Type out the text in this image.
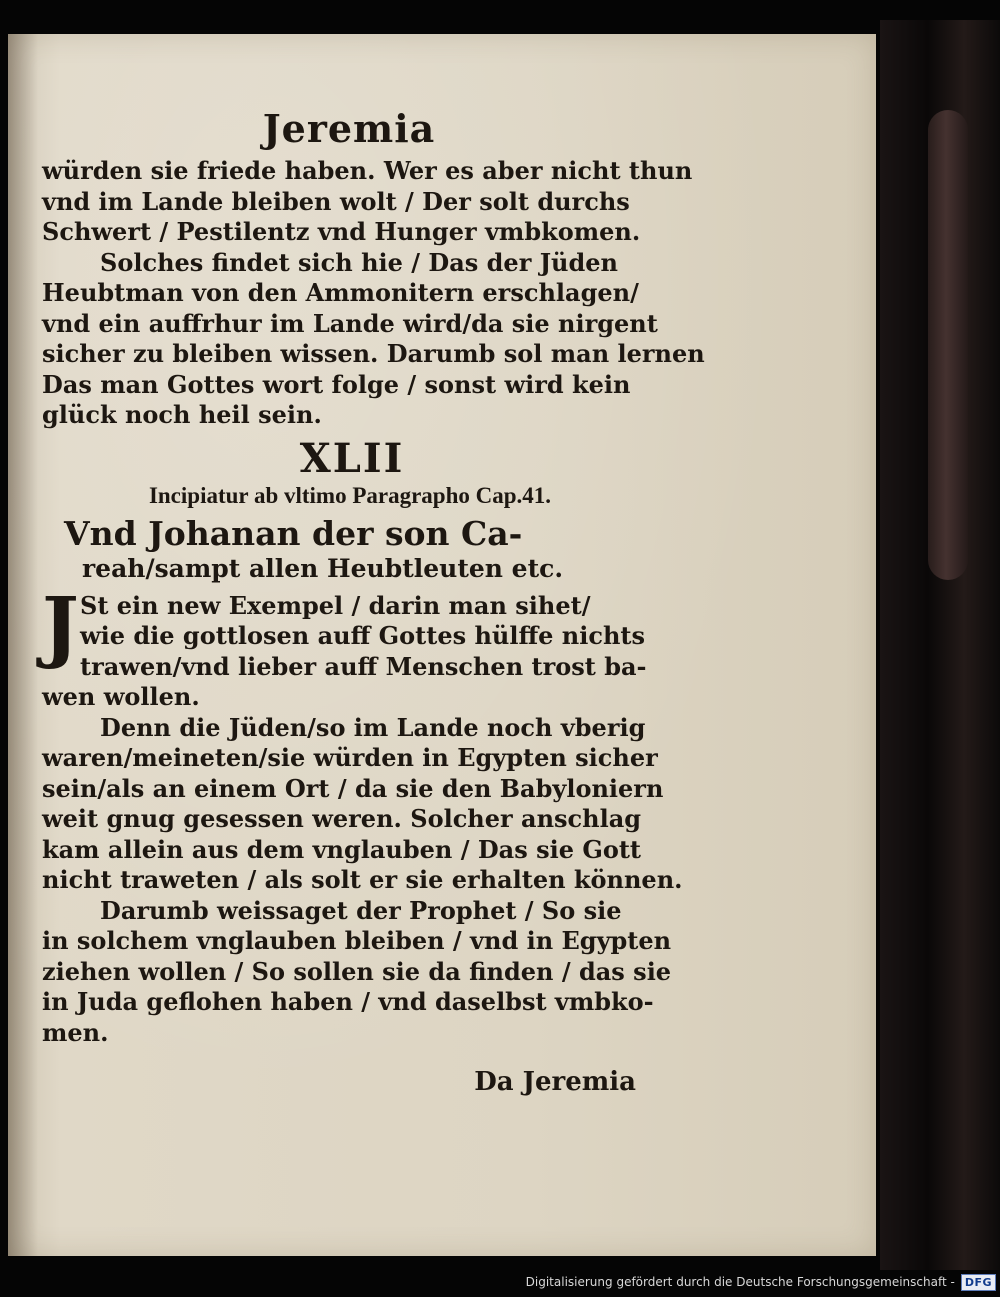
Jeremia
würden sie friede haben. Wer es aber nicht thun
vnd im Lande bleiben wolt / Der solt durchs
Schwert / Pestilentz vnd Hunger vmbkomen.
Solches findet sich hie / Das der Jüden
Heubtman von den Ammonitern erschlagen/
vnd ein auffrhur im Lande wird/da sie nirgent
sicher zu bleiben wissen. Darumb sol man lernen
Das man Gottes wort folge / sonst wird kein
glück noch heil sein.
XLII
Incipiatur ab vltimo Paragrapho Cap.41.
Vnd Johanan der son Ca-
reah/sampt allen Heubtleuten etc.
J St ein new Exempel / darin man sihet/
wie die gottlosen auff Gottes hülffe nichts
trawen/vnd lieber auff Menschen trost ba-
wen wollen.
Denn die Jüden/so im Lande noch vberig
waren/meineten/sie würden in Egypten sicher
sein/als an einem Ort / da sie den Babyloniern
weit gnug gesessen weren. Solcher anschlag
kam allein aus dem vnglauben / Das sie Gott
nicht traweten / als solt er sie erhalten können.
Darumb weissaget der Prophet / So sie
in solchem vnglauben bleiben / vnd in Egypten
ziehen wollen / So sollen sie da finden / das sie
in Juda geflohen haben / vnd daselbst vmbko-
men.
Da Jeremia
Digitalisierung gefördert durch die Deutsche Forschungsgemeinschaft - DFG
